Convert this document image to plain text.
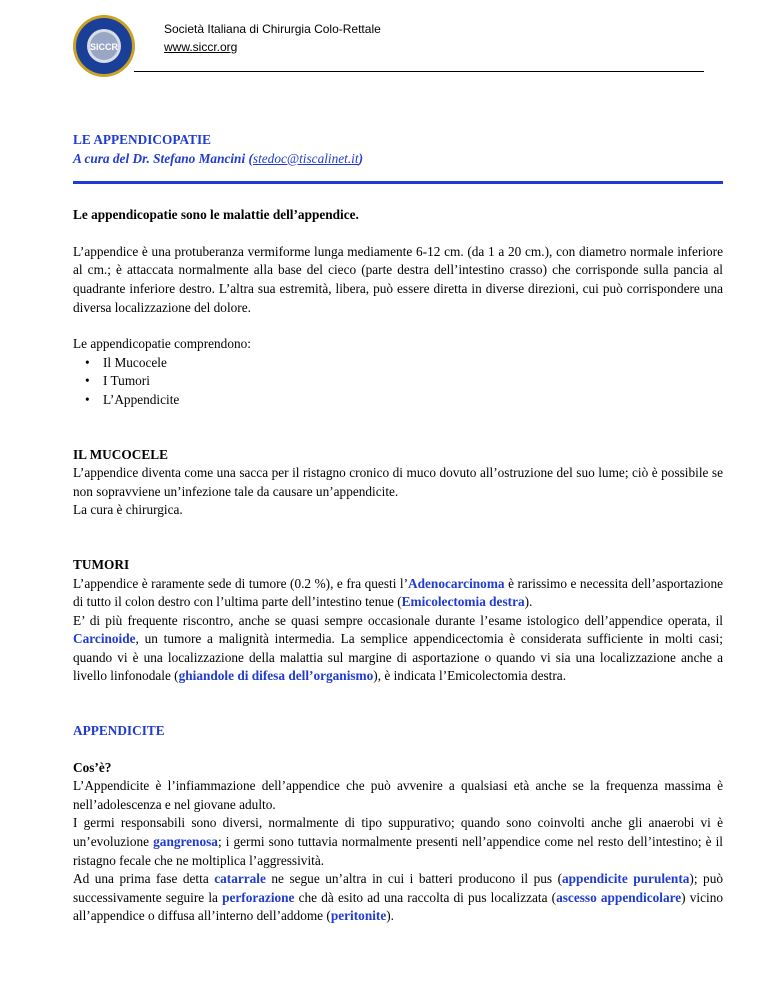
SICCR
Società Italiana di Chirurgia Colo-Rettale
www.siccr.org

LE APPENDICOPATIE

A cura del Dr. Stefano Mancini (stedoc@tiscalinet.it)

Le appendicopatie sono le malattie dell’appendice.

L’appendice è una protuberanza vermiforme lunga mediamente 6-12 cm. (da 1 a 20 cm.), con diametro normale inferiore al cm.; è attaccata normalmente alla base del cieco (parte destra dell’intestino crasso) che corrisponde sulla pancia al quadrante inferiore destro. L’altra sua estremità, libera, può essere diretta in diverse direzioni, cui può corrispondere una diversa localizzazione del dolore.

Le appendicopatie comprendono:
• Il Mucocele
• I Tumori
• L’Appendicite
IL MUCOCELE
L’appendice diventa come una sacca per il ristagno cronico di muco dovuto all’ostruzione del suo lume; ciò è possibile se non sopravviene un’infezione tale da causare un’appendicite.
La cura è chirurgica.
TUMORI
L’appendice è raramente sede di tumore (0.2 %), e fra questi l’Adenocarcinoma è rarissimo e necessita dell’asportazione di tutto il colon destro con l’ultima parte dell’intestino tenue (Emicolectomia destra).
E’ di più frequente riscontro, anche se quasi sempre occasionale durante l’esame istologico dell’appendice operata, il Carcinoide, un tumore a malignità intermedia. La semplice appendicectomia è considerata sufficiente in molti casi; quando vi è una localizzazione della malattia sul margine di asportazione o quando vi sia una localizzazione anche a livello linfonodale (ghiandole di difesa dell’organismo), è indicata l’Emicolectomia destra.
APPENDICITE
Cos’è?
L’Appendicite è l’infiammazione dell’appendice che può avvenire a qualsiasi età anche se la frequenza massima è nell’adolescenza e nel giovane adulto.
I germi responsabili sono diversi, normalmente di tipo suppurativo; quando sono coinvolti anche gli anaerobi vi è un’evoluzione gangrenosa; i germi sono tuttavia normalmente presenti nell’appendice come nel resto dell’intestino; è il ristagno fecale che ne moltiplica l’aggressività.
Ad una prima fase detta catarrale ne segue un’altra in cui i batteri producono il pus (appendicite purulenta); può successivamente seguire la perforazione che dà esito ad una raccolta di pus localizzata (ascesso appendicolare) vicino all’appendice o diffusa all’interno dell’addome (peritonite).
